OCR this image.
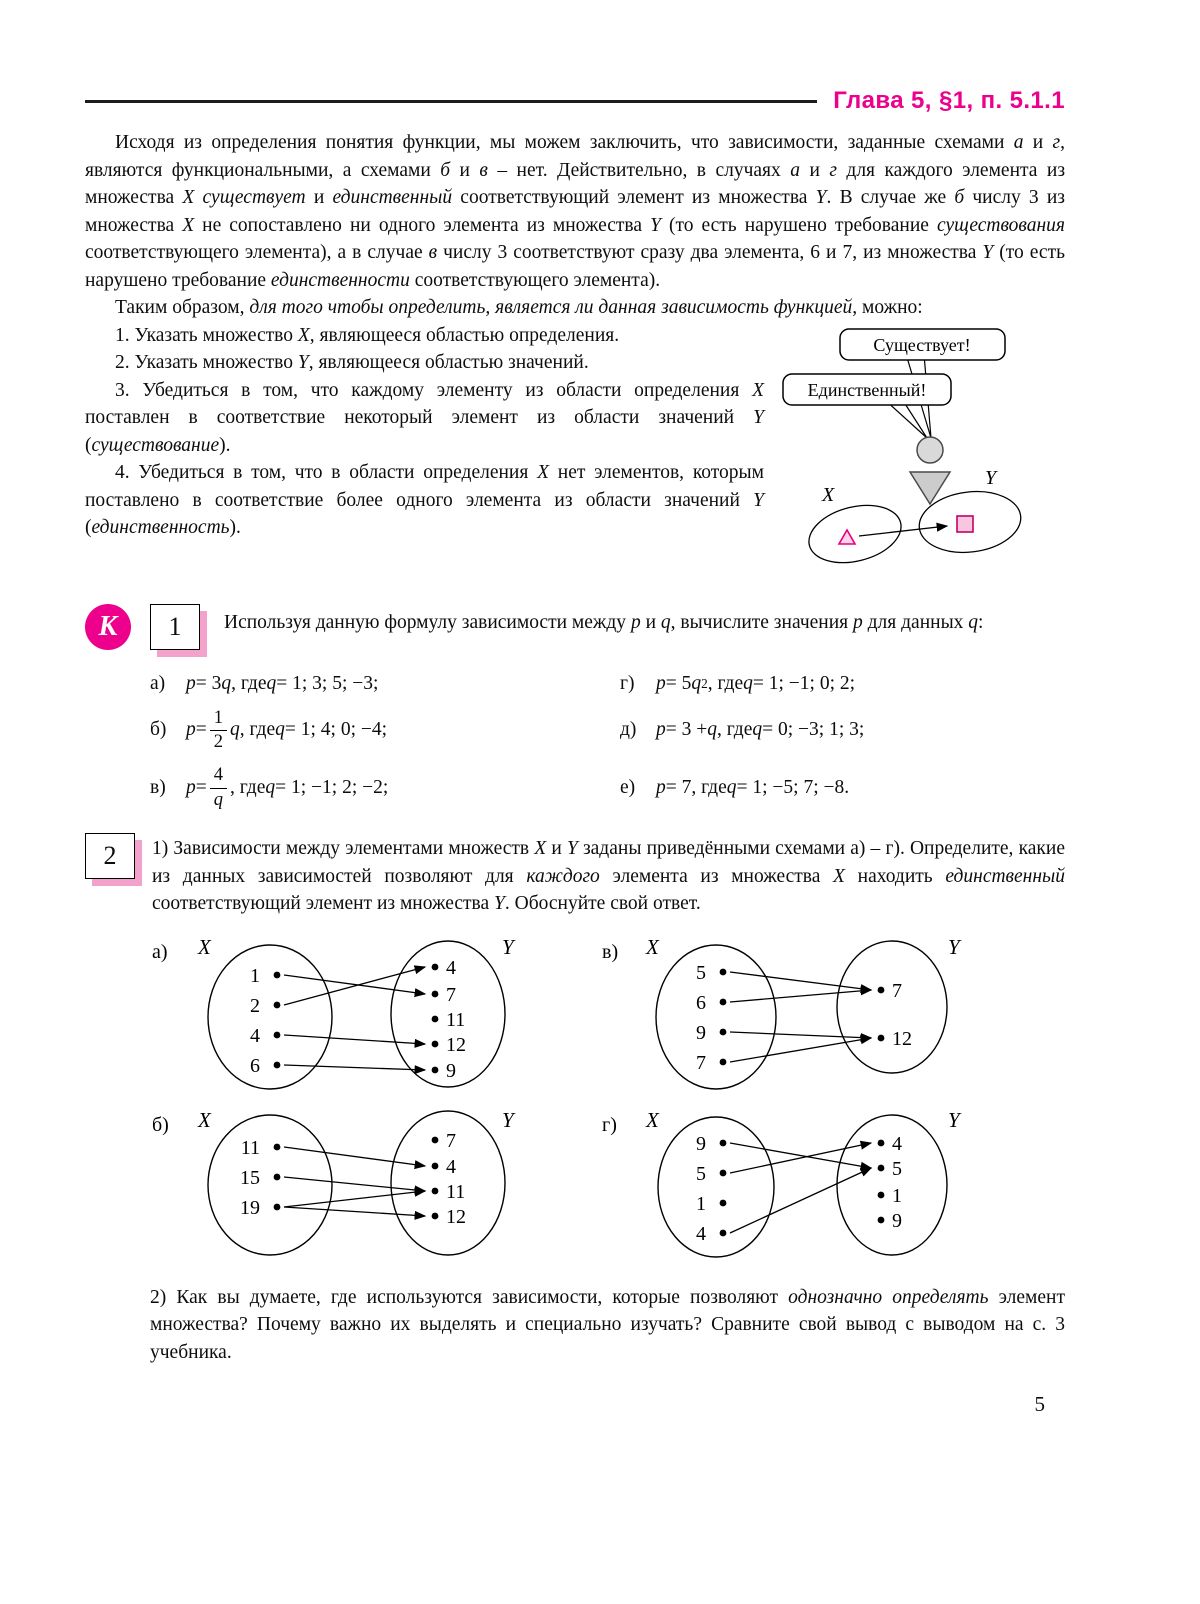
Глава 5, §1, п. 5.1.1

Исходя из определения понятия функции, мы можем заключить, что зависимости, заданные схемами а и г, являются функциональными, а схемами б и в – нет. Действительно, в случаях а и г для каждого элемента из множества X существует и единственный соответствующий элемент из множества Y. В случае же б числу 3 из множества X не сопоставлено ни одного элемента из множества Y (то есть нарушено требование существования соответствующего элемента), а в случае в числу 3 соответствуют сразу два элемента, 6 и 7, из множества Y (то есть нарушено требование единственности соответствующего элемента).

Таким образом, для того чтобы определить, является ли данная зависимость функцией, можно:

Существует!
Единственный!
X
Y

1. Указать множество X, являющееся областью определения.

2. Указать множество Y, являющееся областью значений.

3. Убедиться в том, что каждому элементу из области определения X поставлен в соответствие некоторый элемент из области значений Y (существование).

4. Убедиться в том, что в области определения X нет элементов, которым поставлено в соответствие более одного элемента из области значений Y (единственность).

К 1 Используя данную формулу зависимости между p и q, вычислите значения p для данных q:

а)	p = 3 q , где q = 1; 3; 5; −3;	г)	p = 5 q 2 , где q = 1; −1; 0; 2;
б)	$p = \frac{1}{2}$ q , где q = 1; 4; 0; −4;	д)	p = 3 + q , где q = 0; −3; 1; 3;
в)	$p = \frac{4}{q}$ , где q = 1; −1; 2; −2;	е)	p = 7, где q = 1; −5; 7; −8.
2 1) Зависимости между элементами множеств X и Y заданы приведёнными схемами а) – г). Определите, какие из данных зависимостей позволяют для каждого элемента из множества X находить единственный соответствующий элемент из множества Y. Обоснуйте свой ответ.

а) X	Y
1
2
4
6
4
7
11
12
9
в) X	Y
5
6
9
7
7
12
б) X	Y
11
15
19
7
4
11
12
г) X	Y
9
5
1
4
4
5
1
9

2) Как вы думаете, где используются зависимости, которые позволяют однозначно определять элемент множества? Почему важно их выделять и специально изучать? Сравните свой вывод с выводом на с. 3 учебника.

5
